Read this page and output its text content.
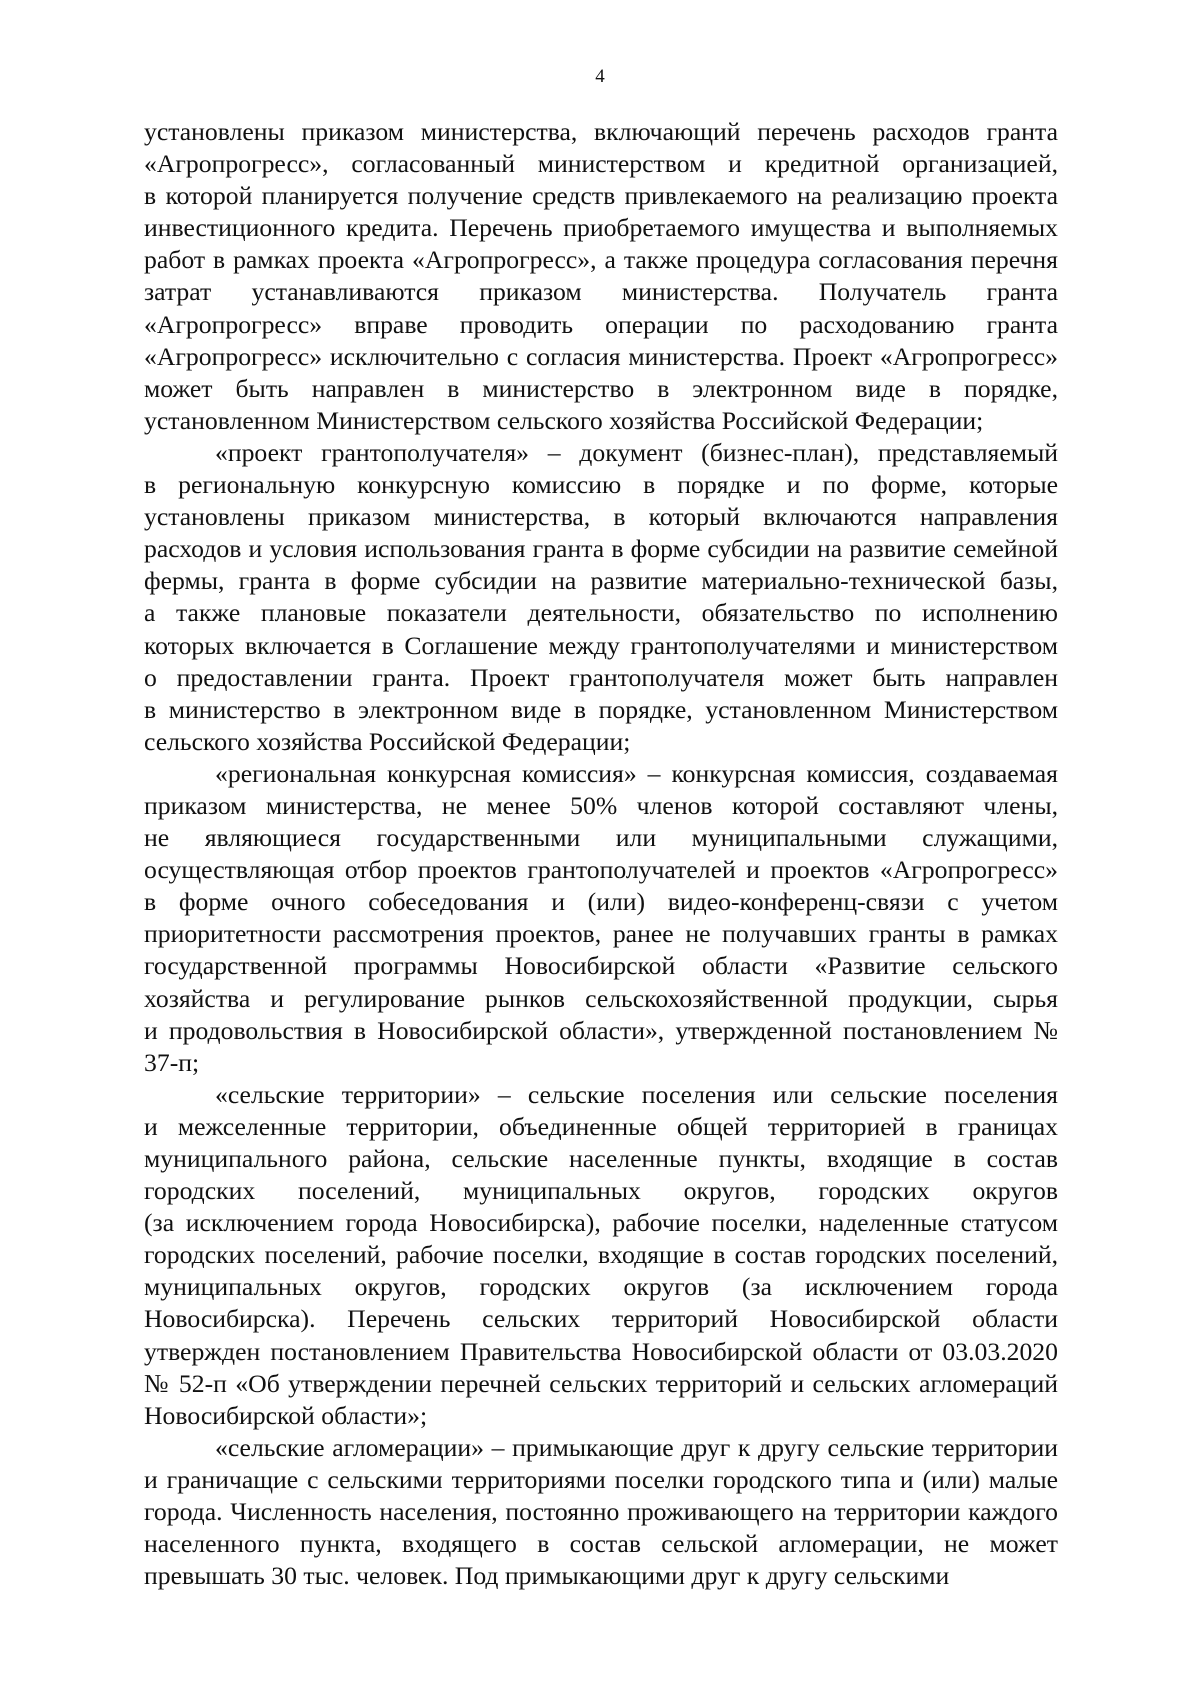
4
установлены приказом министерства, включающий перечень расходов гранта
«Агропрогресс», согласованный министерством и кредитной организацией,
в которой планируется получение средств привлекаемого на реализацию проекта
инвестиционного кредита. Перечень приобретаемого имущества и выполняемых
работ в рамках проекта «Агропрогресс», а также процедура согласования перечня
затрат устанавливаются приказом министерства. Получатель гранта
«Агропрогресс» вправе проводить операции по расходованию гранта
«Агропрогресс» исключительно с согласия министерства. Проект «Агропрогресс»
может быть направлен в министерство в электронном виде в порядке,
установленном Министерством сельского хозяйства Российской Федерации;
«проект грантополучателя» – документ (бизнес-план), представляемый
в региональную конкурсную комиссию в порядке и по форме, которые
установлены приказом министерства, в который включаются направления
расходов и условия использования гранта в форме субсидии на развитие семейной
фермы, гранта в форме субсидии на развитие материально-технической базы,
а также плановые показатели деятельности, обязательство по исполнению
которых включается в Соглашение между грантополучателями и министерством
о предоставлении гранта. Проект грантополучателя может быть направлен
в министерство в электронном виде в порядке, установленном Министерством
сельского хозяйства Российской Федерации;
«региональная конкурсная комиссия» – конкурсная комиссия, создаваемая
приказом министерства, не менее 50% членов которой составляют члены,
не являющиеся государственными или муниципальными служащими,
осуществляющая отбор проектов грантополучателей и проектов «Агропрогресс»
в форме очного собеседования и (или) видео-конференц-связи с учетом
приоритетности рассмотрения проектов, ранее не получавших гранты в рамках
государственной программы Новосибирской области «Развитие сельского
хозяйства и регулирование рынков сельскохозяйственной продукции, сырья
и продовольствия в Новосибирской области», утвержденной постановлением № 37-п;
«сельские территории» – сельские поселения или сельские поселения
и межселенные территории, объединенные общей территорией в границах
муниципального района, сельские населенные пункты, входящие в состав
городских поселений, муниципальных округов, городских округов
(за исключением города Новосибирска), рабочие поселки, наделенные статусом
городских поселений, рабочие поселки, входящие в состав городских поселений,
муниципальных округов, городских округов (за исключением города
Новосибирска). Перечень сельских территорий Новосибирской области
утвержден постановлением Правительства Новосибирской области от 03.03.2020
№ 52-п «Об утверждении перечней сельских территорий и сельских агломераций
Новосибирской области»;
«сельские агломерации» – примыкающие друг к другу сельские территории
и граничащие с сельскими территориями поселки городского типа и (или) малые
города. Численность населения, постоянно проживающего на территории каждого
населенного пункта, входящего в состав сельской агломерации, не может
превышать 30 тыс. человек. Под примыкающими друг к другу сельскими
